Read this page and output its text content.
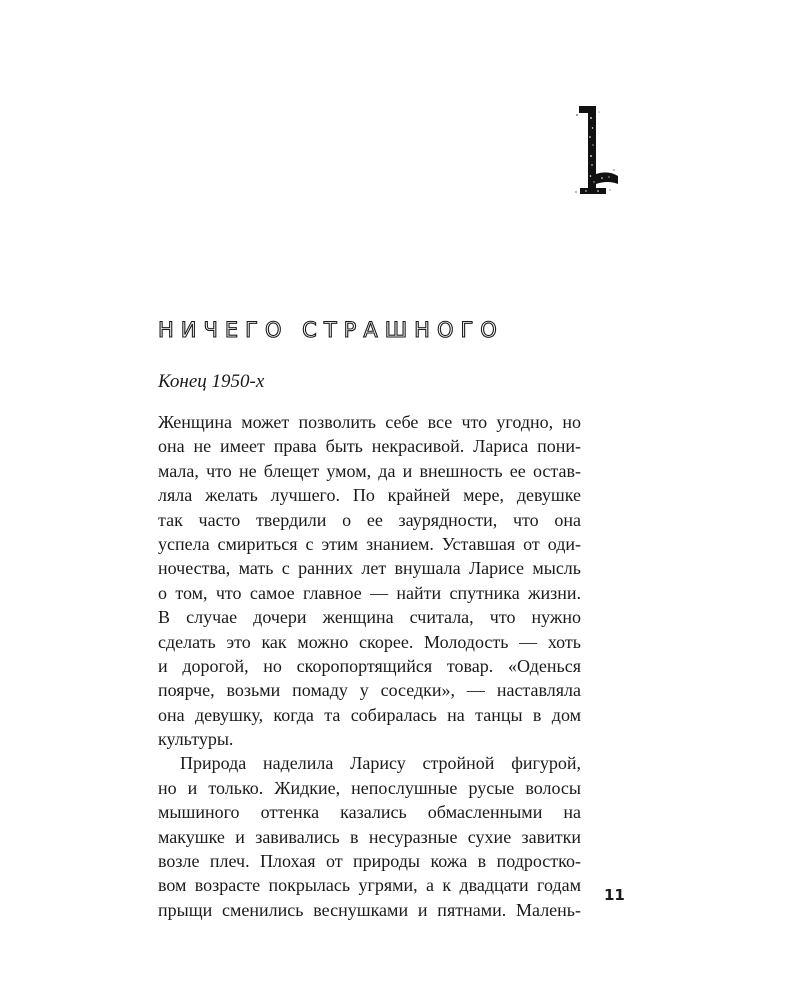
НИЧЕГО СТРАШНОГО

Конец 1950-х

Женщина может позволить себе все что угодно, но
она не имеет права быть некрасивой. Лариса пони-
мала, что не блещет умом, да и внешность ее остав-
ляла желать лучшего. По крайней мере, девушке
так часто твердили о ее заурядности, что она
успела смириться с этим знанием. Уставшая от оди-
ночества, мать с ранних лет внушала Ларисе мысль
о том, что самое главное — найти спутника жизни.
В случае дочери женщина считала, что нужно
сделать это как можно скорее. Молодость — хоть
и дорогой, но скоропортящийся товар. «Оденься
поярче, возьми помаду у соседки», — наставляла
она девушку, когда та собиралась на танцы в дом
культуры.

Природа наделила Ларису стройной фигурой,
но и только. Жидкие, непослушные русые волосы
мышиного оттенка казались обмасленными на
макушке и завивались в несуразные сухие завитки
возле плеч. Плохая от природы кожа в подростко-
вом возрасте покрылась угрями, а к двадцати годам
прыщи сменились веснушками и пятнами. Малень-

11
